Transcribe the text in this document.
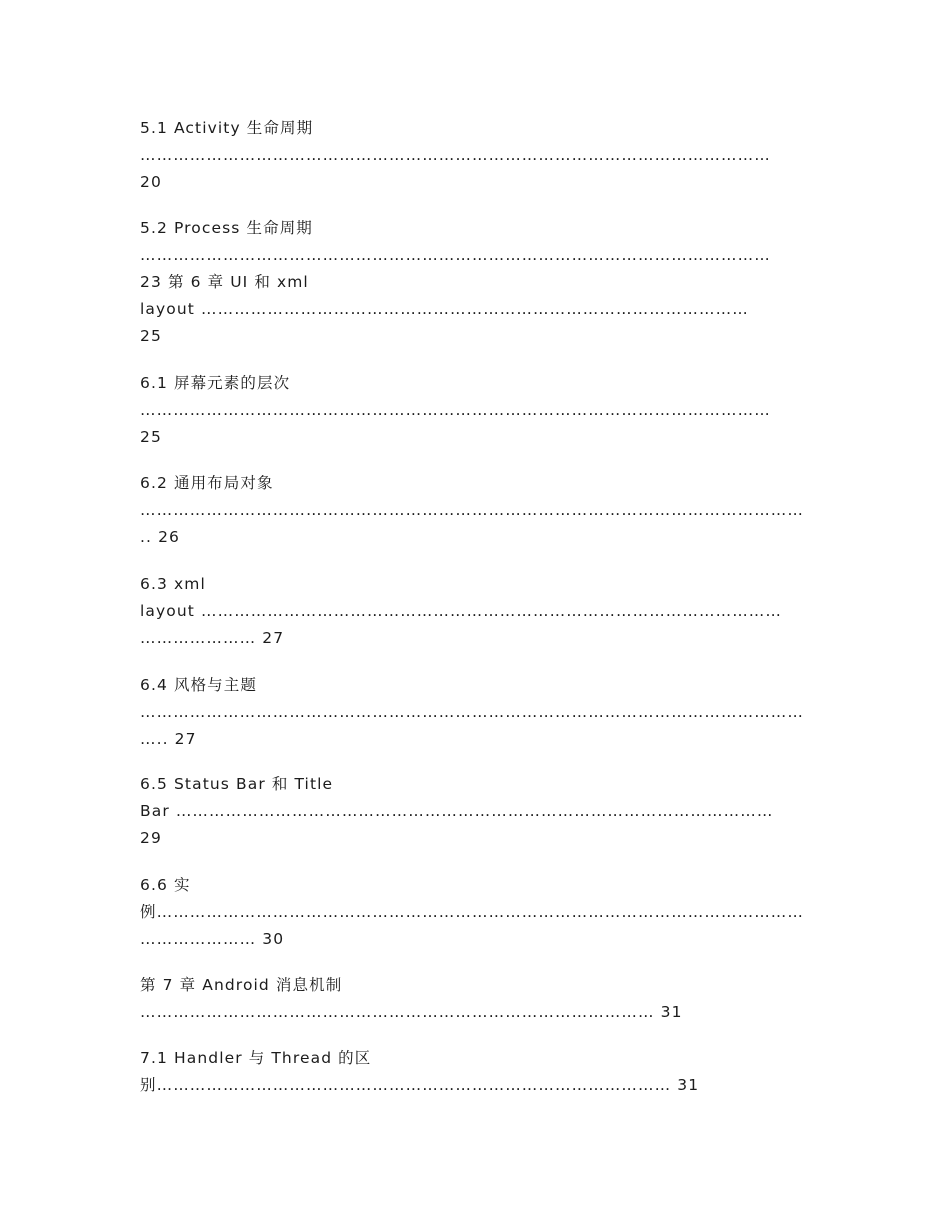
5.1 Activity 生命周期
……………………………………………………………………………………………………
20
5.2 Process 生命周期
……………………………………………………………………………………………………
23 第 6 章 UI 和 xml
layout ………………………………………………………………………………………
25
6.1 屏幕元素的层次
……………………………………………………………………………………………………
25
6.2 通用布局对象
…………………………………………………………………………………………………………
.. 26
6.3 xml
layout ……………………………………………………………………………………………
………………… 27
6.4 风格与主题
…………………………………………………………………………………………………………
….. 27
6.5 Status Bar 和 Title
Bar ………………………………………………………………………………………………
29
6.6 实
例………………………………………………………………………………………………………
………………… 30
第 7 章 Android 消息机制
………………………………………………………………………………… 31
7.1 Handler 与 Thread 的区
别………………………………………………………………………………… 31
